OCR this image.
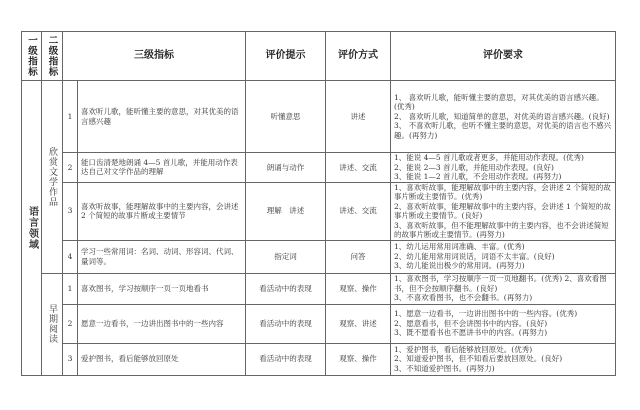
一级指标	二级指标	三级指标		评价提示	评价方式	评价要求

语言领域	欣赏文学作品	1	喜欢听儿歌，能听懂主要的意思，对其优美的语言感兴趣	听懂意思	讲述	1、 喜欢听儿歌，能听懂主要的意思，对其优美的语言感兴趣。(优秀)
2、 喜欢听儿歌，知道简单的意思，对优美的语言感兴趣。(良好)
3、 不喜欢听儿歌，也听不懂主要的意思，对优美的语言也不感兴趣。(再努力)

		2	能口齿清楚地朗诵 4—5 首儿歌，并能用动作表达自己对文学作品的理解	朗诵与动作	讲述、交流	1、能说 4—5 首儿歌或者更多，并能用动作表现。(优秀)
2、能说 2—3 首儿歌，并能用动作表现。(良好)
3、能说 1—2 首儿歌，不会用动作表现。(再努力)

		3	喜欢听故事，能理解故事中的主要内容，会讲述 2 个简短的故事片断或主要情节	理解　讲述	讲述、交流	1、喜欢听故事，能理解故事中的主要内容，会讲述 2 个简短的故事片断或主要情节。(优秀)
2、喜欢听故事，能理解故事中的主要内容，会讲述 1 个简短的故事片断或主要情节。(良好)
3、喜欢听故事，但不能理解故事中的主要内容，也不会讲述简短的故事片断或主要情节。(再努力)

		4	学习一些常用词：名词、动词、形容词、代词、量词等。	指定词	问答	1、幼儿运用常用词准确、丰富。(优秀)
2、幼儿能用常用词说话，词语不太丰富。(良好)
3、幼儿能说出极少的常用词。(再努力)

	早期阅读	1	喜欢图书，学习按顺序一页一页地看书	看活动中的表现	观察、操作	1、喜欢图书，学习按顺序一页一页地翻书。(优秀) 2、喜欢看图书，但不会按顺序翻书。(良好)
3、不喜欢看图书，也不会翻书。(再努力)

		2	愿意一边看书，一边讲出图书中的一些内容	看活动中的表现	观察、讲述	1、愿意一边看书，一边讲出图书中的一些内容。(优秀)
2、愿意看书，但不会讲图书中的内容。(良好)
3、既不愿看书也不愿讲书中的内容。(再努力)

		3	爱护图书，看后能够放回原处	看活动中的表现	观察、操作	1、爱护图书，看后能够放回原处。(优秀)
2、知道爱护图书，但不知看后要放回原处。(良好)
3、不知道爱护图书。(再努力)
